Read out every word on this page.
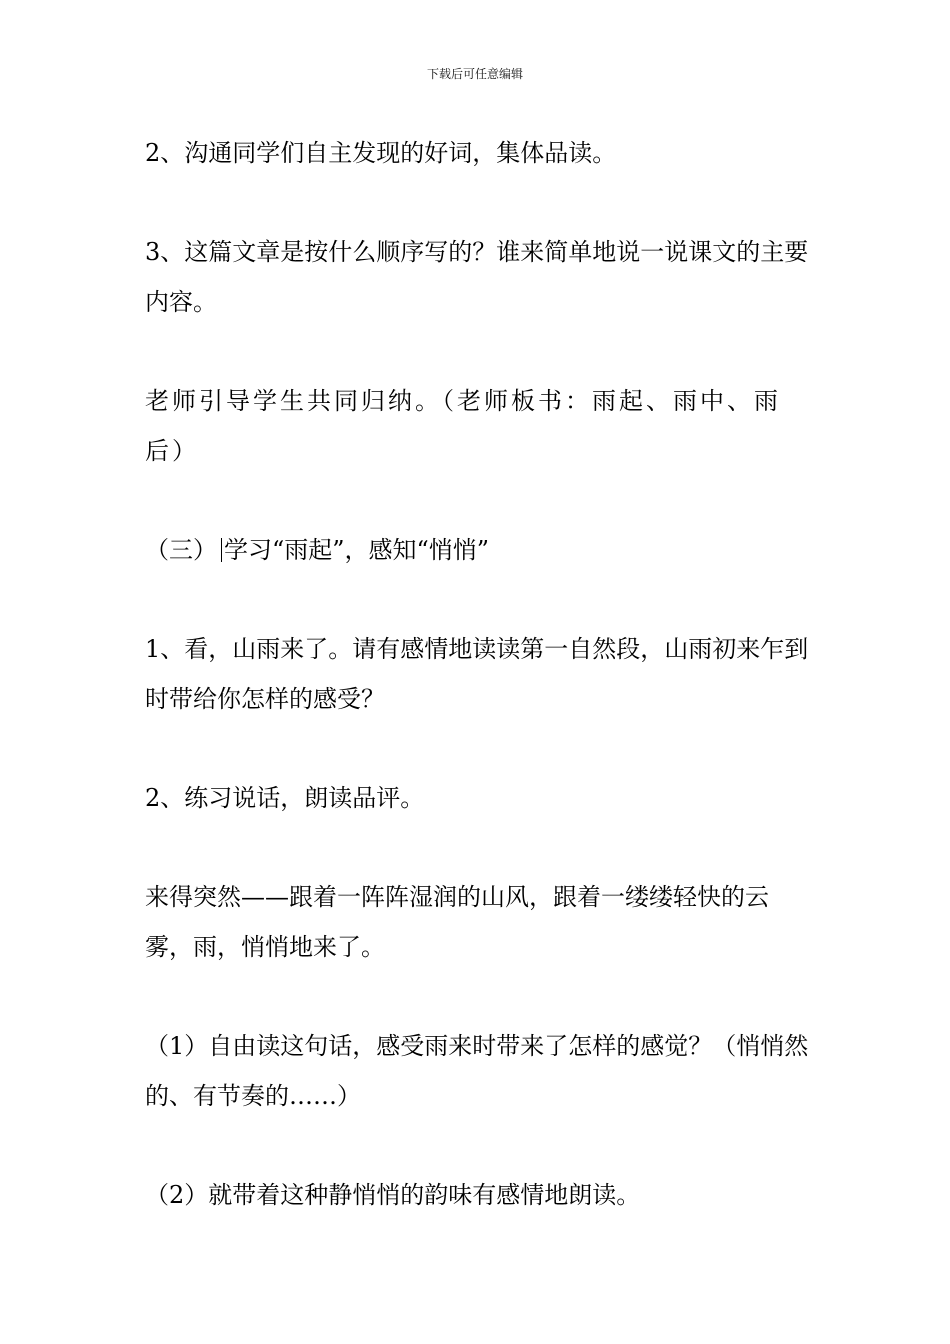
下载后可任意编辑

2、沟通同学们自主发现的好词，集体品读。

3、这篇文章是按什么顺序写的？谁来简单地说一说课文的主要内容。

老师引导学生共同归纳。（老师板书：雨起、雨中、雨后）

（三） 学习“雨起”，感知“悄悄”

1、看，山雨来了。请有感情地读读第一自然段，山雨初来乍到时带给你怎样的感受？

2、练习说话，朗读品评。

来得突然——跟着一阵阵湿润的山风，跟着一缕缕轻快的云雾，雨，悄悄地来了。

（1）自由读这句话，感受雨来时带来了怎样的感觉？（悄悄然的、有节奏的……）

（2）就带着这种静悄悄的韵味有感情地朗读。
